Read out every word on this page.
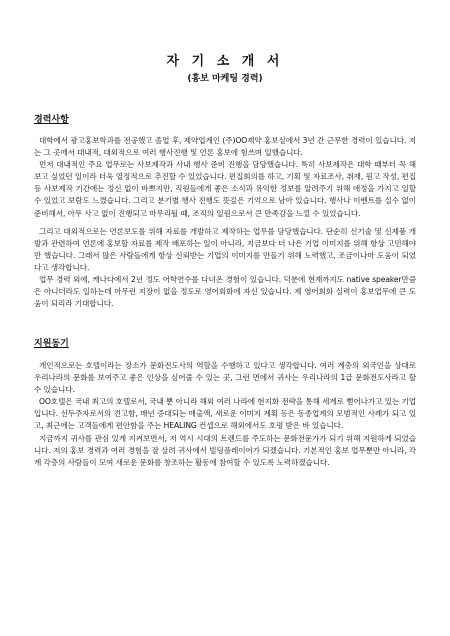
자 기 소 개 서
(홍보 마케팅 경력)
경력사항

대학에서 광고홍보학과를 전공했고 졸업 후, 제약업계인 (주)OO제약 홍보실에서 3년 간 근무한 경력이 있습니다. 저는 그 곳에서 대내적, 대외적으로 여러 행사진행 및 언론 홍보에 힘쓰며 일했습니다.

먼저 대내적인 주요 업무로는 사보제작과 사내 행사 준비 진행을 담당했습니다. 특히 사보제작은 대학 때부터 꼭 해보고 싶었던 일이라 더욱 열정적으로 추진할 수 있었습니다. 편집회의를 하고, 기획 및 자료조사, 취재, 원고 작성, 편집 등 사보제작 기간에는 정신 없이 바쁘지만, 직원들에게 좋은 소식과 유익한 정보를 알려주기 위해 애정을 가지고 일할 수 있었고 보람도 느꼈습니다. 그리고 분기별 행사 진행도 뜻깊은 기억으로 남아 있습니다. 행사나 이벤트를 실수 없이 준비해서, 아무 사고 없이 진행되고 마무리될 때, 조직의 일원으로서 큰 만족감을 느낄 수 있었습니다.

그리고 대외적으로는 언론보도를 위해 자료를 개발하고 제작하는 업무를 담당했습니다. 단순히 신기술 및 신제품 개발과 관련하여 언론에 홍보할 자료를 제작 배포하는 일이 아니라, 지금보다 더 나은 기업 이미지를 위해 항상 고민해야만 했습니다. 그래서 많은 사람들에게 항상 신뢰받는 기업의 이미지를 만들기 위해 노력했고, 조금이나마 도움이 되었다고 생각합니다.

업무 경력 외에, 캐나다에서 2년 정도 어학연수를 다녀온 경험이 있습니다. 덕분에 현재까지도 native speaker만큼은 아니더라도 일하는데 아무런 지장이 없을 정도로 영어회화에 자신 있습니다. 제 영어회화 실력이 홍보업무에 큰 도움이 되리라 기대합니다.

지원동기

개인적으로는 호텔이라는 장소가 문화전도사의 역할을 수행하고 있다고 생각합니다. 여러 계층의 외국인을 상대로 우리나라의 문화를 보여주고 좋은 인상을 심어줄 수 있는 곳, 그런 면에서 귀사는 우리나라의 1급 문화전도사라고 할 수 있습니다.

OO호텔은 국내 최고의 호텔로서, 국내 뿐 아니라 해외 여러 나라에 현지화 전략을 통해 세계로 뻗어나가고 있는 기업입니다. 선두주자로서의 견고함, 매년 증대되는 매출액, 새로운 이미지 계획 등은 동종업계의 모범적인 사례가 되고 있고, 최근에는 고객들에게 편안함을 주는 HEALING 컨셉으로 해외에서도 호평 받은 바 있습니다.

지금까지 귀사를 관심 있게 지켜보면서, 저 역시 시대의 트렌드를 주도하는 문화전문가가 되기 위해 지원하게 되었습니다. 저의 홍보 경력과 여러 경험을 잘 살려 귀사에서 빌딩플레이어가 되겠습니다. 기본적인 홍보 업무뿐만 아니라, 각계 각층의 사람들이 모여 새로운 문화를 창조하는 활동에 참여할 수 있도록 노력하겠습니다.
